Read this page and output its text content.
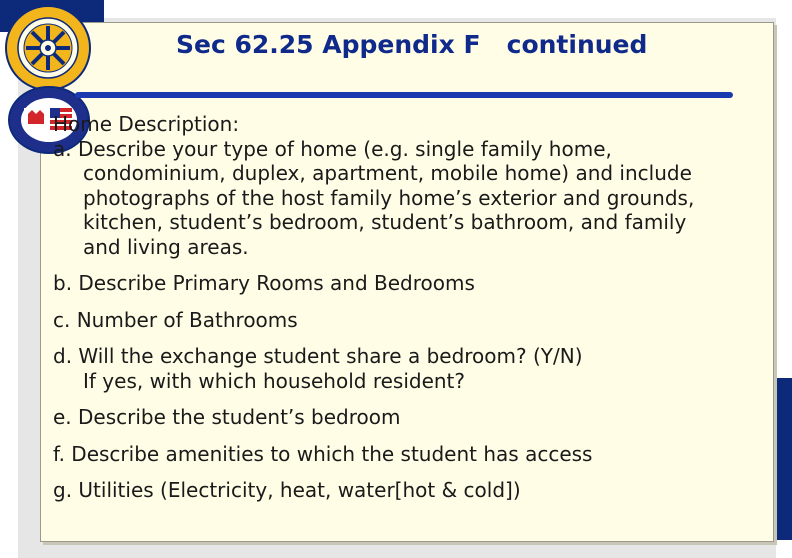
Sec 62.25 Appendix F   continued
Home Description:
a. Describe your type of home (e.g. single family home,
condominium, duplex, apartment, mobile home) and include
photographs of the host family home’s exterior and grounds,
kitchen, student’s bedroom, student’s bathroom, and family
and living areas.
b. Describe Primary Rooms and Bedrooms
c. Number of Bathrooms
d. Will the exchange student share a bedroom? (Y/N)
If yes, with which household resident?
e. Describe the student’s bedroom
f. Describe amenities to which the student has access
g. Utilities (Electricity, heat, water[hot & cold])
